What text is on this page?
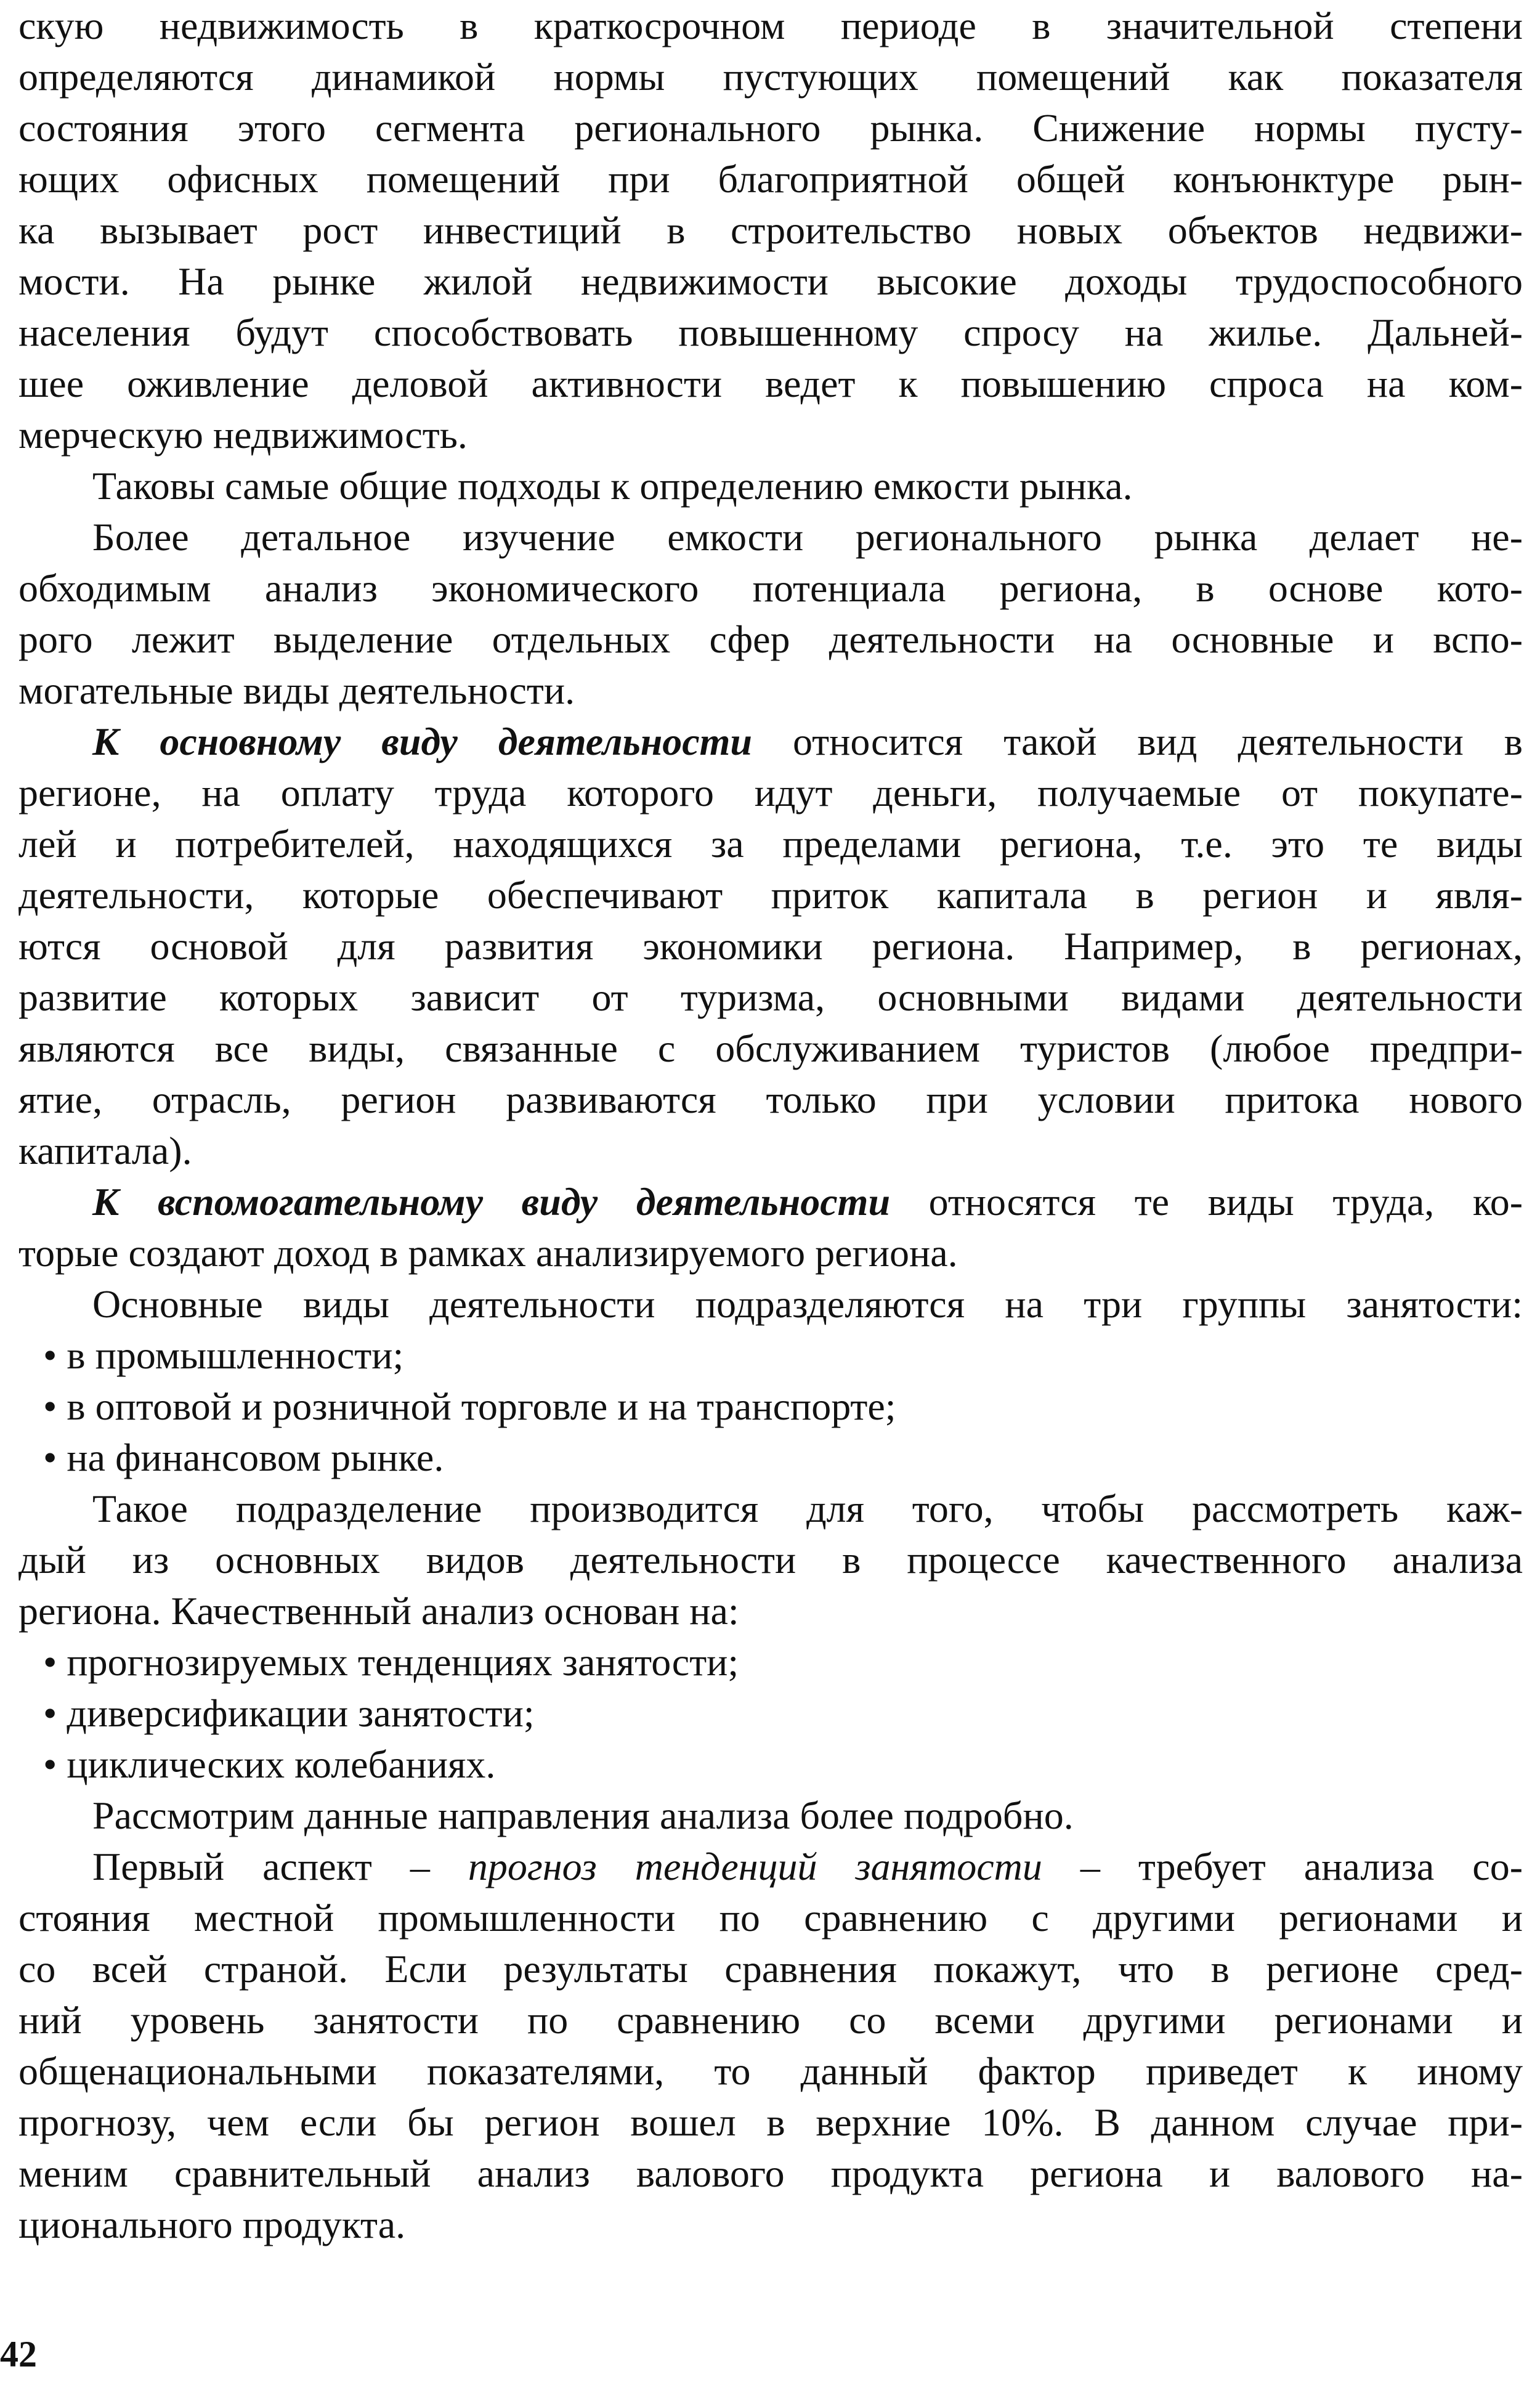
скую недвижимость в краткосрочном периоде в значительной степени
определяются динамикой нормы пустующих помещений как показателя
состояния этого сегмента регионального рынка. Снижение нормы пусту-
ющих офисных помещений при благоприятной общей конъюнктуре рын-
ка вызывает рост инвестиций в строительство новых объектов недвижи-
мости. На рынке жилой недвижимости высокие доходы трудоспособного
населения будут способствовать повышенному спросу на жилье. Дальней-
шее оживление деловой активности ведет к повышению спроса на ком-
мерческую недвижимость.
Таковы самые общие подходы к определению емкости рынка.
Более детальное изучение емкости регионального рынка делает не-
обходимым анализ экономического потенциала региона, в основе кото-
рого лежит выделение отдельных сфер деятельности на основные и вспо-
могательные виды деятельности.
К основному виду деятельности относится такой вид деятельности в
регионе, на оплату труда которого идут деньги, получаемые от покупате-
лей и потребителей, находящихся за пределами региона, т.е. это те виды
деятельности, которые обеспечивают приток капитала в регион и явля-
ются основой для развития экономики региона. Например, в регионах,
развитие которых зависит от туризма, основными видами деятельности
являются все виды, связанные с обслуживанием туристов (любое предпри-
ятие, отрасль, регион развиваются только при условии притока нового
капитала).
К вспомогательному виду деятельности относятся те виды труда, ко-
торые создают доход в рамках анализируемого региона.
Основные виды деятельности подразделяются на три группы занятости:
• в промышленности;
• в оптовой и розничной торговле и на транспорте;
• на финансовом рынке.
Такое подразделение производится для того, чтобы рассмотреть каж-
дый из основных видов деятельности в процессе качественного анализа
региона. Качественный анализ основан на:
• прогнозируемых тенденциях занятости;
• диверсификации занятости;
• циклических колебаниях.
Рассмотрим данные направления анализа более подробно.
Первый аспект – прогноз тенденций занятости – требует анализа со-
стояния местной промышленности по сравнению с другими регионами и
со всей страной. Если результаты сравнения покажут, что в регионе сред-
ний уровень занятости по сравнению со всеми другими регионами и
общенациональными показателями, то данный фактор приведет к иному
прогнозу, чем если бы регион вошел в верхние 10%. В данном случае при-
меним сравнительный анализ валового продукта региона и валового на-
ционального продукта.
42
